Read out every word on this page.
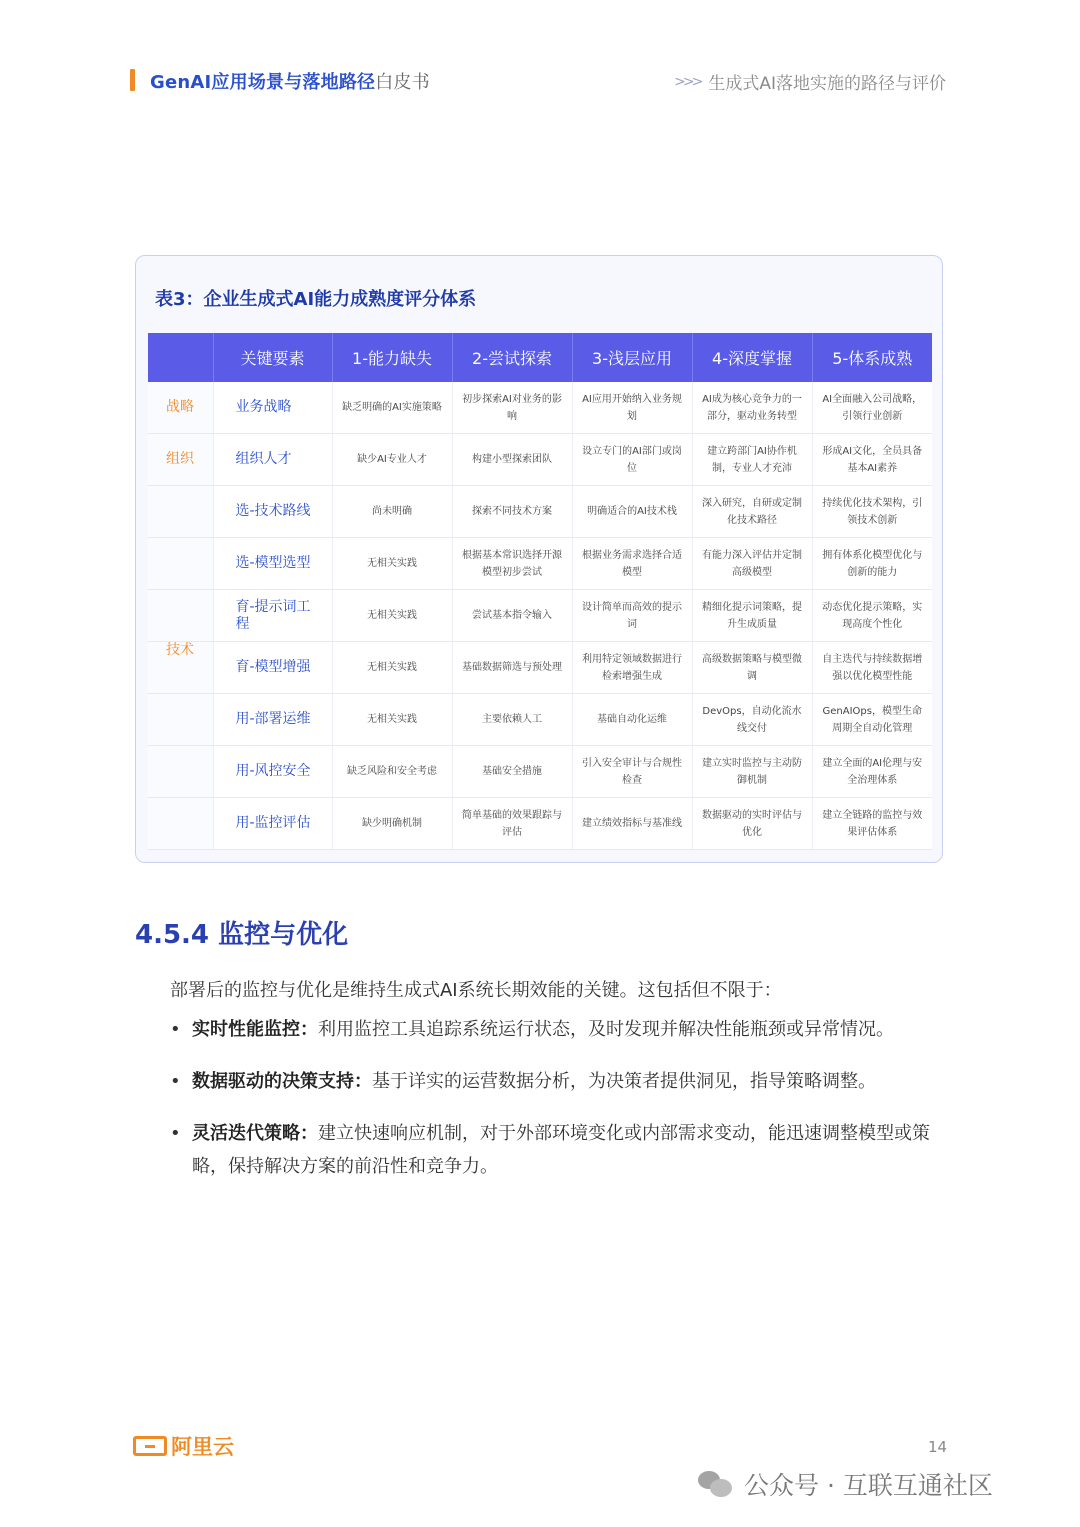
GenAI应用场景与落地路径白皮书	>>> 生成式AI落地实施的路径与评价
表3：企业生成式AI能力成熟度评分体系
	关键要素	1-能力缺失	2-尝试探索	3-浅层应用	4-深度掌握	5-体系成熟
战略	业务战略	缺乏明确的AI实施策略	初步探索AI对业务的影响	AI应用开始纳入业务规划	AI成为核心竞争力的一部分，驱动业务转型	AI全面融入公司战略，引领行业创新
组织	组织人才	缺少AI专业人才	构建小型探索团队	设立专门的AI部门或岗位	建立跨部门AI协作机制，专业人才充沛	形成AI文化，全员具备基本AI素养
	选-技术路线	尚未明确	探索不同技术方案	明确适合的AI技术栈	深入研究，自研或定制化技术路径	持续优化技术架构，引领技术创新
	选-模型选型	无相关实践	根据基本常识选择开源模型初步尝试	根据业务需求选择合适模型	有能力深入评估并定制高级模型	拥有体系化模型优化与创新的能力
	育-提示词工程	无相关实践	尝试基本指令输入	设计简单而高效的提示词	精细化提示词策略，提升生成质量	动态优化提示策略，实现高度个性化
技术	育-模型增强	无相关实践	基础数据筛选与预处理	利用特定领域数据进行检索增强生成	高级数据策略与模型微调	自主迭代与持续数据增强以优化模型性能
	用-部署运维	无相关实践	主要依赖人工	基础自动化运维	DevOps，自动化流水线交付	GenAIOps，模型生命周期全自动化管理
	用-风控安全	缺乏风险和安全考虑	基础安全措施	引入安全审计与合规性检查	建立实时监控与主动防御机制	建立全面的AI伦理与安全治理体系
	用-监控评估	缺少明确机制	简单基础的效果跟踪与评估	建立绩效指标与基准线	数据驱动的实时评估与优化	建立全链路的监控与效果评估体系
4.5.4 监控与优化
部署后的监控与优化是维持生成式AI系统长期效能的关键。这包括但不限于：
• 实时性能监控：利用监控工具追踪系统运行状态，及时发现并解决性能瓶颈或异常情况。
• 数据驱动的决策支持：基于详实的运营数据分析，为决策者提供洞见，指导策略调整。
• 灵活迭代策略：建立快速响应机制，对于外部环境变化或内部需求变动，能迅速调整模型或策略，保持解决方案的前沿性和竞争力。
阿里云	14
公众号 · 互联互通社区
